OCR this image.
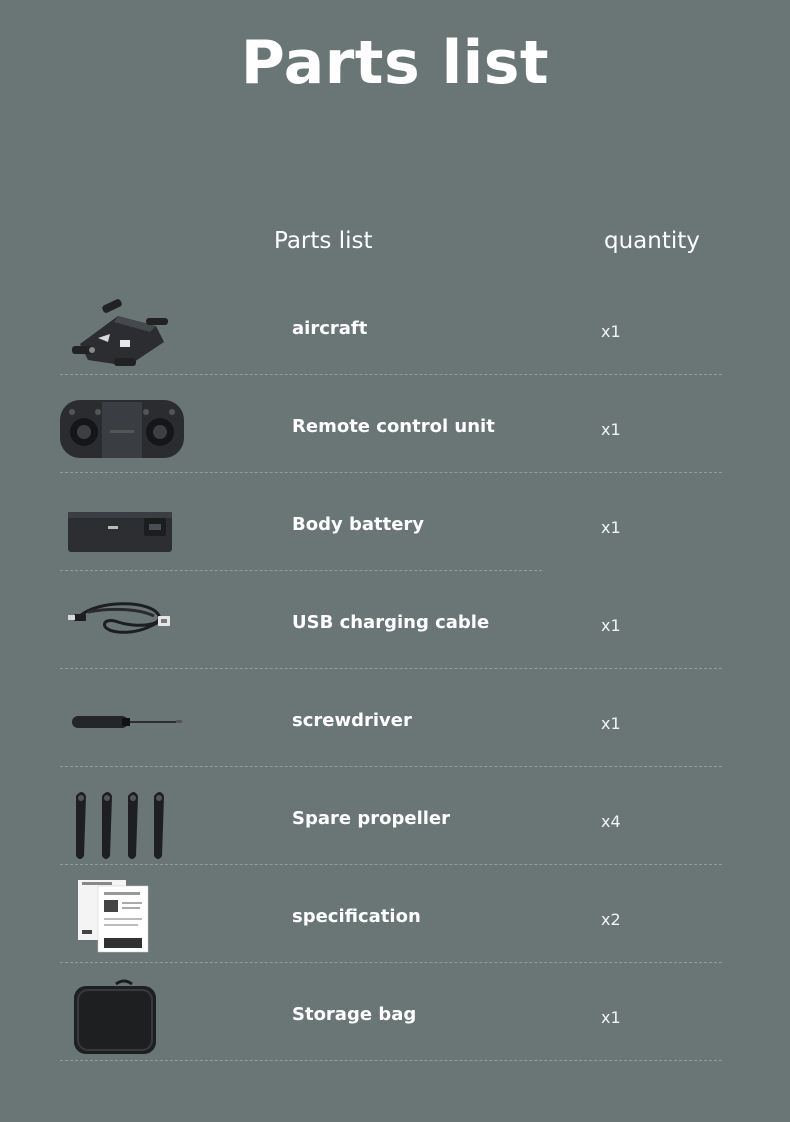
Parts list
Parts list	quantity
aircraft	x1
Remote control unit	x1
Body battery	x1
USB charging cable	x1
screwdriver	x1
Spare propeller	x4
specification	x2
Storage bag	x1
